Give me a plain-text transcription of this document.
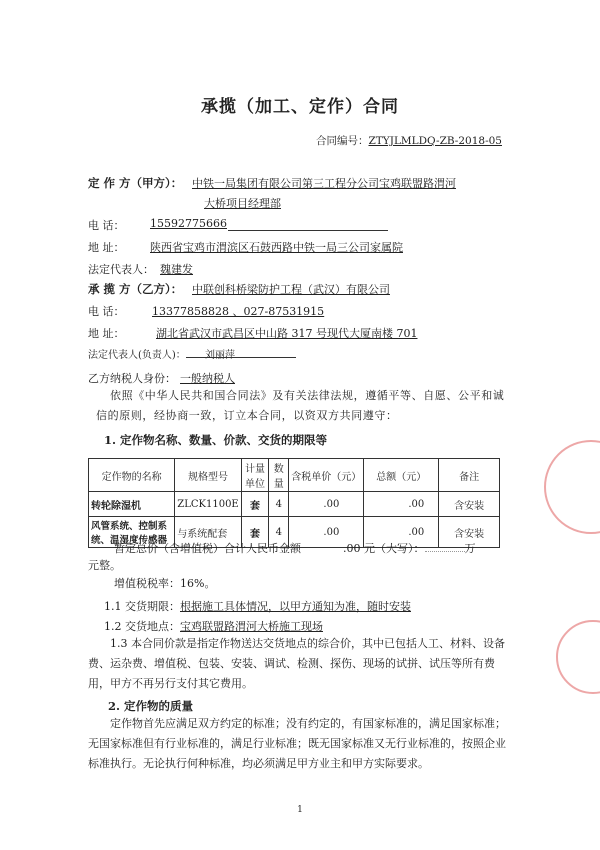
承揽（加工、定作）合同
合同编号：ZTYJLMLDQ-ZB-2018-05
定 作 方（甲方）： 中铁一局集团有限公司第三工程分公司宝鸡联盟路渭河
大桥项目经理部
电 话： 15592775666
地 址： 陕西省宝鸡市渭滨区石鼓西路中铁一局三公司家属院
法定代表人： 魏建发
承 揽 方（乙方）： 中联创科桥梁防护工程（武汉）有限公司
电 话：	13377858828 、027-87531915
地 址：	湖北省武汉市武昌区中山路 317 号现代大厦南楼 701
法定代表人(负责人)： 刘丽萍
乙方纳税人身份： 一般纳税人
依照《中华人民共和国合同法》及有关法律法规，遵循平等、自愿、公平和诚信的原则，经协商一致，订立本合同，以资双方共同遵守：
1. 定作物名称、数量、价款、交货的期限等
定作物的名称	规格型号	计量单位	数量	含税单价（元）	总额（元）	备注
转轮除湿机	ZLCK1100E	套	4	.00	.00	含安装
风管系统、控制系统、温湿度传感器	与系统配套	套	4	.00	.00	含安装
暂定总价（含增值税）合计人民币金额	.00 元（大写）：	万
元整。
增值税税率：16%。
1.1 交货期限：根据施工具体情况，以甲方通知为准，随时安装
1.2 交货地点：宝鸡联盟路渭河大桥施工现场
1.3 本合同价款是指定作物送达交货地点的综合价，其中已包括人工、材料、设备费、运杂费、增值税、包装、安装、调试、检测、探伤、现场的试拼、试压等所有费用，甲方不再另行支付其它费用。
2. 定作物的质量
定作物首先应满足双方约定的标准；没有约定的，有国家标准的，满足国家标准；无国家标准但有行业标准的，满足行业标准；既无国家标准又无行业标准的，按照企业标准执行。无论执行何种标准，均必须满足甲方业主和甲方实际要求。
1
